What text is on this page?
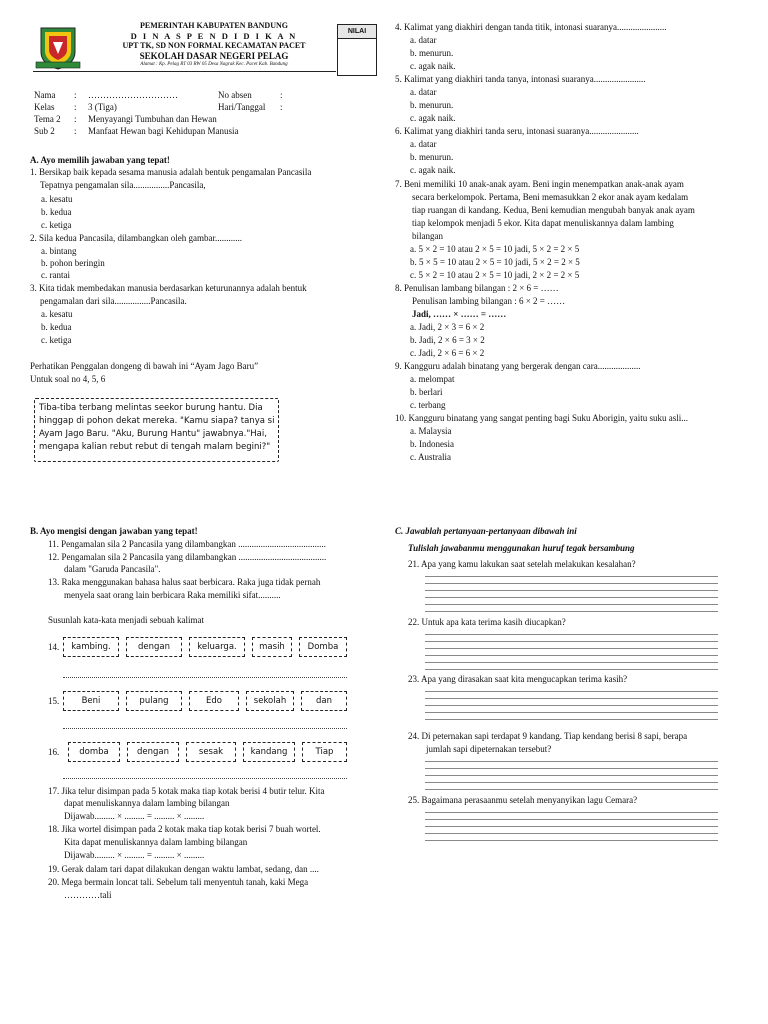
PEMERINTAH KABUPATEN BANDUNG
D I N A S P E N D I D I K A N
UPT TK, SD NON FORMAL KECAMATAN PACET
SEKOLAH DASAR NEGERI PELAG
Alamat : Kp. Pelag RT 03 RW 05 Desa Nagrak Kec. Pacet Kab. Bandung
NILAI
Nama : …………………………	No absen	:
Kelas : 3 (Tiga)	Hari/Tanggal :
Tema 2 : Menyayangi Tumbuhan dan Hewan
Sub 2 : Manfaat Hewan bagi Kehidupan Manusia
A. Ayo memilih jawaban yang tepat!
1. Bersikap baik kepada sesama manusia adalah bentuk pengamalan Pancasila
Tepatnya pengamalan sila................Pancasila,
a. kesatu
b. kedua
c. ketiga
2. Sila kedua Pancasila, dilambangkan oleh gambar............
a. bintang
b. pohon beringin
c. rantai
3. Kita tidak membedakan manusia berdasarkan keturunannya adalah bentuk
pengamalan dari sila................Pancasila.
a. kesatu
b. kedua
c. ketiga
Perhatikan Penggalan dongeng di bawah ini “Ayam Jago Baru”
Untuk soal no 4, 5, 6
Tiba-tiba terbang melintas seekor burung hantu. Dia
hinggap di pohon dekat mereka. "Kamu siapa? tanya si
Ayam Jago Baru. "Aku, Burung Hantu" jawabnya."Hai,
mengapa kalian rebut rebut di tengah malam begini?"
4. Kalimat yang diakhiri dengan tanda titik, intonasi suaranya......................
a. datar
b. menurun.
c. agak naik.
5. Kalimat yang diakhiri tanda tanya, intonasi suaranya.......................
a. datar
b. menurun.
c. agak naik.
6. Kalimat yang diakhiri tanda seru, intonasi suaranya......................
a. datar
b. menurun.
c. agak naik.
7. Beni memiliki 10 anak-anak ayam. Beni ingin menempatkan anak-anak ayam
secara berkelompok. Pertama, Beni memasukkan 2 ekor anak ayam kedalam
tiap ruangan di kandang. Kedua, Beni kemudian mengubah banyak anak ayam
tiap kelompok menjadi 5 ekor. Kita dapat menuliskannya dalam lambing
bilangan
a. 5 × 2 = 10 atau 2 × 5 = 10 jadi, 5 × 2 = 2 × 5
b. 5 × 5 = 10 atau 2 × 5 = 10 jadi, 5 × 2 = 2 × 5
c. 5 × 2 = 10 atau 2 × 5 = 10 jadi, 2 × 2 = 2 × 5
8. Penulisan lambang bilangan : 2 × 6 = ……
Penulisan lambing bilangan : 6 × 2 = ……
Jadi, …… × …… = ……
a. Jadi, 2 × 3 = 6 × 2
b. Jadi, 2 × 6 = 3 × 2
c. Jadi, 2 × 6 = 6 × 2
9. Kangguru adalah binatang yang bergerak dengan cara...................
a. melompat
b. berlari
c. terbang
10. Kangguru binatang yang sangat penting bagi Suku Aborigin, yaitu suku asli...
a. Malaysia
b. Indonesia
c. Australia
B. Ayo mengisi dengan jawaban yang tepat!
11. Pengamalan sila 2 Pancasila yang dilambangkan .......................................
12. Pengamalan sila 2 Pancasila yang dilambangkan .......................................
dalam "Garuda Pancasila".
13. Raka menggunakan bahasa halus saat berbicara. Raka juga tidak pernah
menyela saat orang lain berbicara Raka memiliki sifat..........
Susunlah kata-kata menjadi sebuah kalimat
14.	kambing.	dengan	keluarga.	masih	Domba
15.	Beni	pulang	Edo	sekolah	dan
16.	domba	dengan	sesak	kandang	Tiap
17. Jika telur disimpan pada 5 kotak maka tiap kotak berisi 4 butir telur. Kita
dapat menuliskannya dalam lambing bilangan
Dijawab......... × ......... = ......... × .........
18. Jika wortel disimpan pada 2 kotak maka tiap kotak berisi 7 buah wortel.
Kita dapat menuliskannya dalam lambing bilangan
Dijawab......... × ......... = ......... × .........
19. Gerak dalam tari dapat dilakukan dengan waktu lambat, sedang, dan ....
20. Mega bermain loncat tali. Sebelum tali menyentuh tanah, kaki Mega
…………tali
C. Jawablah pertanyaan-pertanyaan dibawah ini
Tulislah jawabanmu menggunakan huruf tegak bersambung
21. Apa yang kamu lakukan saat setelah melakukan kesalahan?
22. Untuk apa kata terima kasih diucapkan?
23. Apa yang dirasakan saat kita mengucapkan terima kasih?
24. Di peternakan sapi terdapat 9 kandang. Tiap kendang berisi 8 sapi, berapa
jumlah sapi dipeternakan tersebut?
25. Bagaimana perasaanmu setelah menyanyikan lagu Cemara?
